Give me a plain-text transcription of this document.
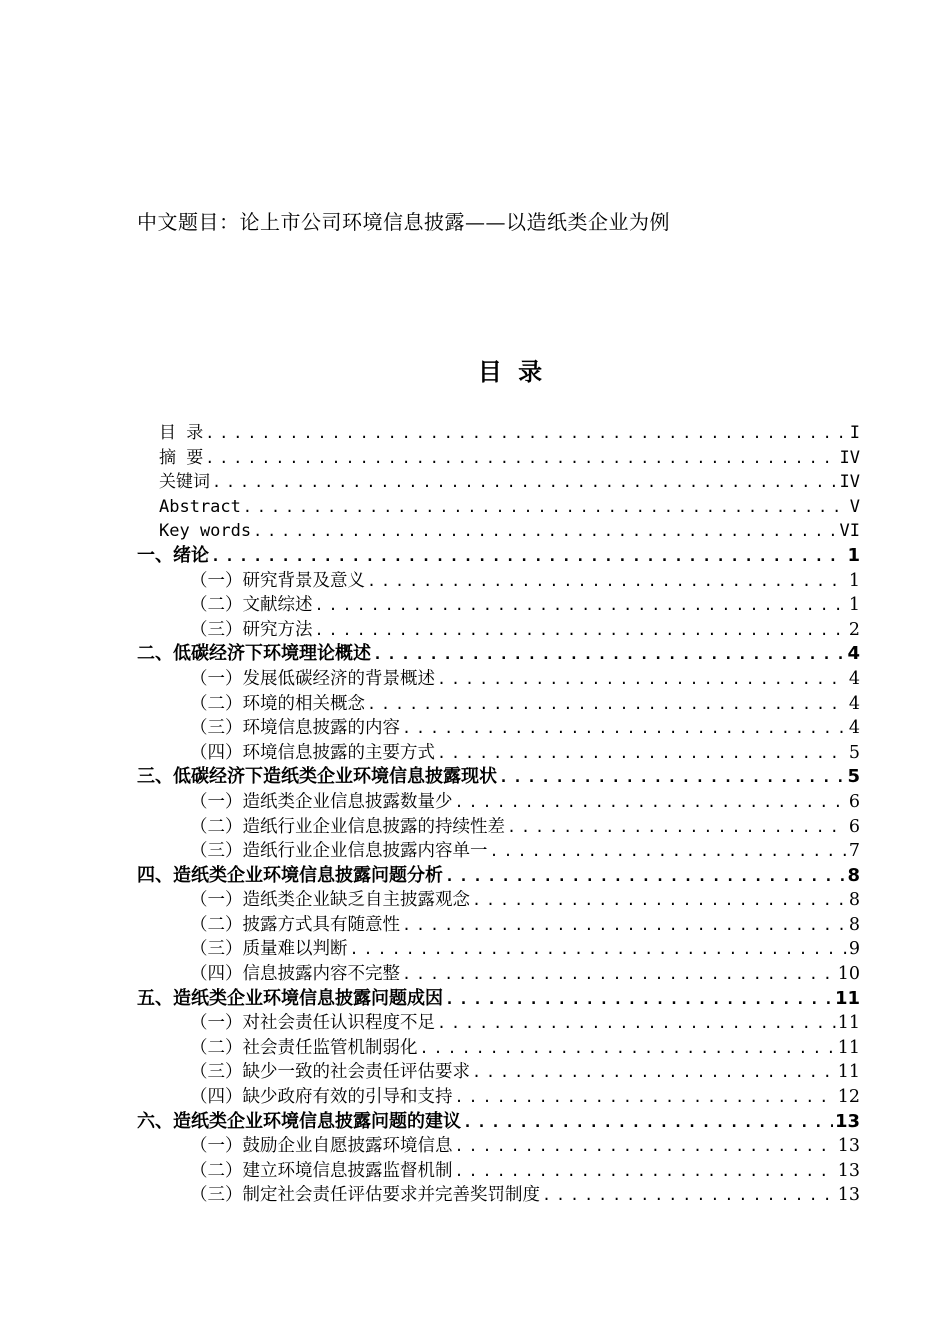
中文题目：论上市公司环境信息披露——以造纸类企业为例
目 录
目 录 .....	I
摘 要 .....	IV
关键词 .....	IV
Abstract .....	V
Key words .....	VI
一、绪论 .....	1
（一）研究背景及意义 .....	1
（二）文献综述 .....	1
（三）研究方法 .....	2
二、低碳经济下环境理论概述 .....	4
（一）发展低碳经济的背景概述 .....	4
（二）环境的相关概念 .....	4
（三）环境信息披露的内容 .....	4
（四）环境信息披露的主要方式 .....	5
三、低碳经济下造纸类企业环境信息披露现状 .....	5
（一）造纸类企业信息披露数量少 .....	6
（二）造纸行业企业信息披露的持续性差 .....	6
（三）造纸行业企业信息披露内容单一 .....	7
四、造纸类企业环境信息披露问题分析 .....	8
（一）造纸类企业缺乏自主披露观念 .....	8
（二）披露方式具有随意性 .....	8
（三）质量难以判断 .....	9
（四）信息披露内容不完整 .....	10
五、造纸类企业环境信息披露问题成因 .....	11
（一）对社会责任认识程度不足 .....	11
（二）社会责任监管机制弱化 .....	11
（三）缺少一致的社会责任评估要求 .....	11
（四）缺少政府有效的引导和支持 .....	12
六、造纸类企业环境信息披露问题的建议 .....	13
（一）鼓励企业自愿披露环境信息 .....	13
（二）建立环境信息披露监督机制 .....	13
（三）制定社会责任评估要求并完善奖罚制度 .....	13
